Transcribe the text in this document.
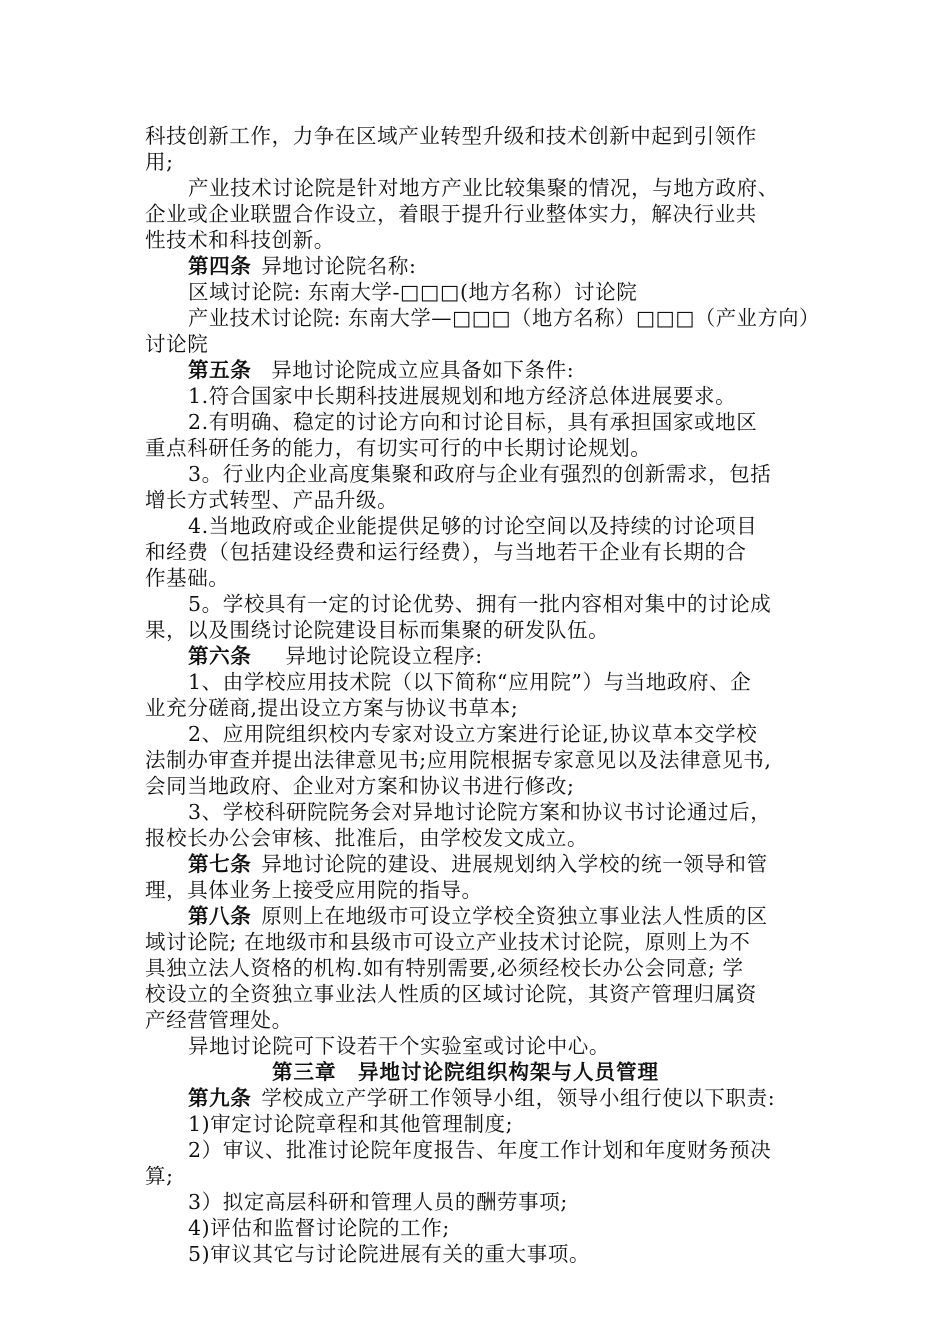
科技创新工作，力争在区域产业转型升级和技术创新中起到引领作
用;
产业技术讨论院是针对地方产业比较集聚的情况，与地方政府、
企业或企业联盟合作设立，着眼于提升行业整体实力，解决行业共
性技术和科技创新。
第四条 异地讨论院名称:
区域讨论院: 东南大学-□□□(地方名称）讨论院
产业技术讨论院: 东南大学—□□□（地方名称）□□□（产业方向）
讨论院
第五条 异地讨论院成立应具备如下条件:
1.符合国家中长期科技进展规划和地方经济总体进展要求。
2.有明确、稳定的讨论方向和讨论目标，具有承担国家或地区
重点科研任务的能力，有切实可行的中长期讨论规划。
3。行业内企业高度集聚和政府与企业有强烈的创新需求，包括
增长方式转型、产品升级。
4.当地政府或企业能提供足够的讨论空间以及持续的讨论项目
和经费（包括建设经费和运行经费），与当地若干企业有长期的合
作基础。
5。学校具有一定的讨论优势、拥有一批内容相对集中的讨论成
果，以及围绕讨论院建设目标而集聚的研发队伍。
第六条 异地讨论院设立程序:
1、由学校应用技术院（以下简称“应用院”）与当地政府、企
业充分磋商,提出设立方案与协议书草本;
2、应用院组织校内专家对设立方案进行论证,协议草本交学校
法制办审查并提出法律意见书;应用院根据专家意见以及法律意见书,
会同当地政府、企业对方案和协议书进行修改;
3、学校科研院院务会对异地讨论院方案和协议书讨论通过后，
报校长办公会审核、批准后，由学校发文成立。
第七条 异地讨论院的建设、进展规划纳入学校的统一领导和管
理，具体业务上接受应用院的指导。
第八条 原则上在地级市可设立学校全资独立事业法人性质的区
域讨论院; 在地级市和县级市可设立产业技术讨论院，原则上为不
具独立法人资格的机构.如有特别需要,必须经校长办公会同意; 学
校设立的全资独立事业法人性质的区域讨论院，其资产管理归属资
产经营管理处。
异地讨论院可下设若干个实验室或讨论中心。
第三章　异地讨论院组织构架与人员管理
第九条 学校成立产学研工作领导小组，领导小组行使以下职责:
1)审定讨论院章程和其他管理制度;
2）审议、批准讨论院年度报告、年度工作计划和年度财务预决
算;
3）拟定高层科研和管理人员的酬劳事项;
4)评估和监督讨论院的工作;
5)审议其它与讨论院进展有关的重大事项。
